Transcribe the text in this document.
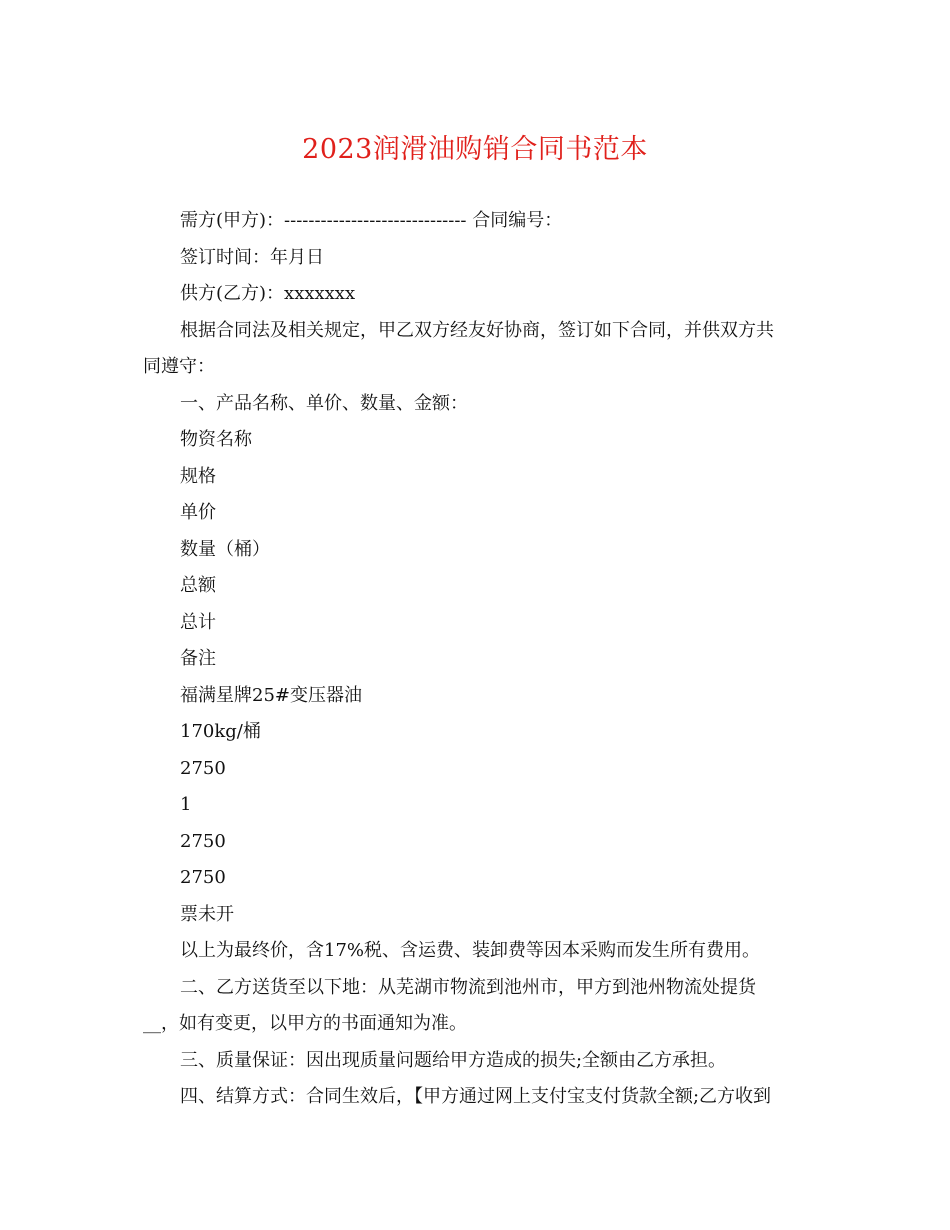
2023润滑油购销合同书范本
需方(甲方)：------------------------------ 合同编号：
签订时间：年月日
供方(乙方)：xxxxxxx
根据合同法及相关规定，甲乙双方经友好协商，签订如下合同，并供双方共
同遵守：
一、产品名称、单价、数量、金额：
物资名称
规格
单价
数量（桶）
总额
总计
备注
福满星牌25#变压器油
170kg/桶
2750
1
2750
2750
票未开
以上为最终价，含17%税、含运费、装卸费等因本采购而发生所有费用。
二、乙方送货至以下地：从芜湖市物流到池州市，甲方到池州物流处提货
__，如有变更，以甲方的书面通知为准。
三、质量保证：因出现质量问题给甲方造成的损失;全额由乙方承担。
四、结算方式：合同生效后，【甲方通过网上支付宝支付货款全额;乙方收到
